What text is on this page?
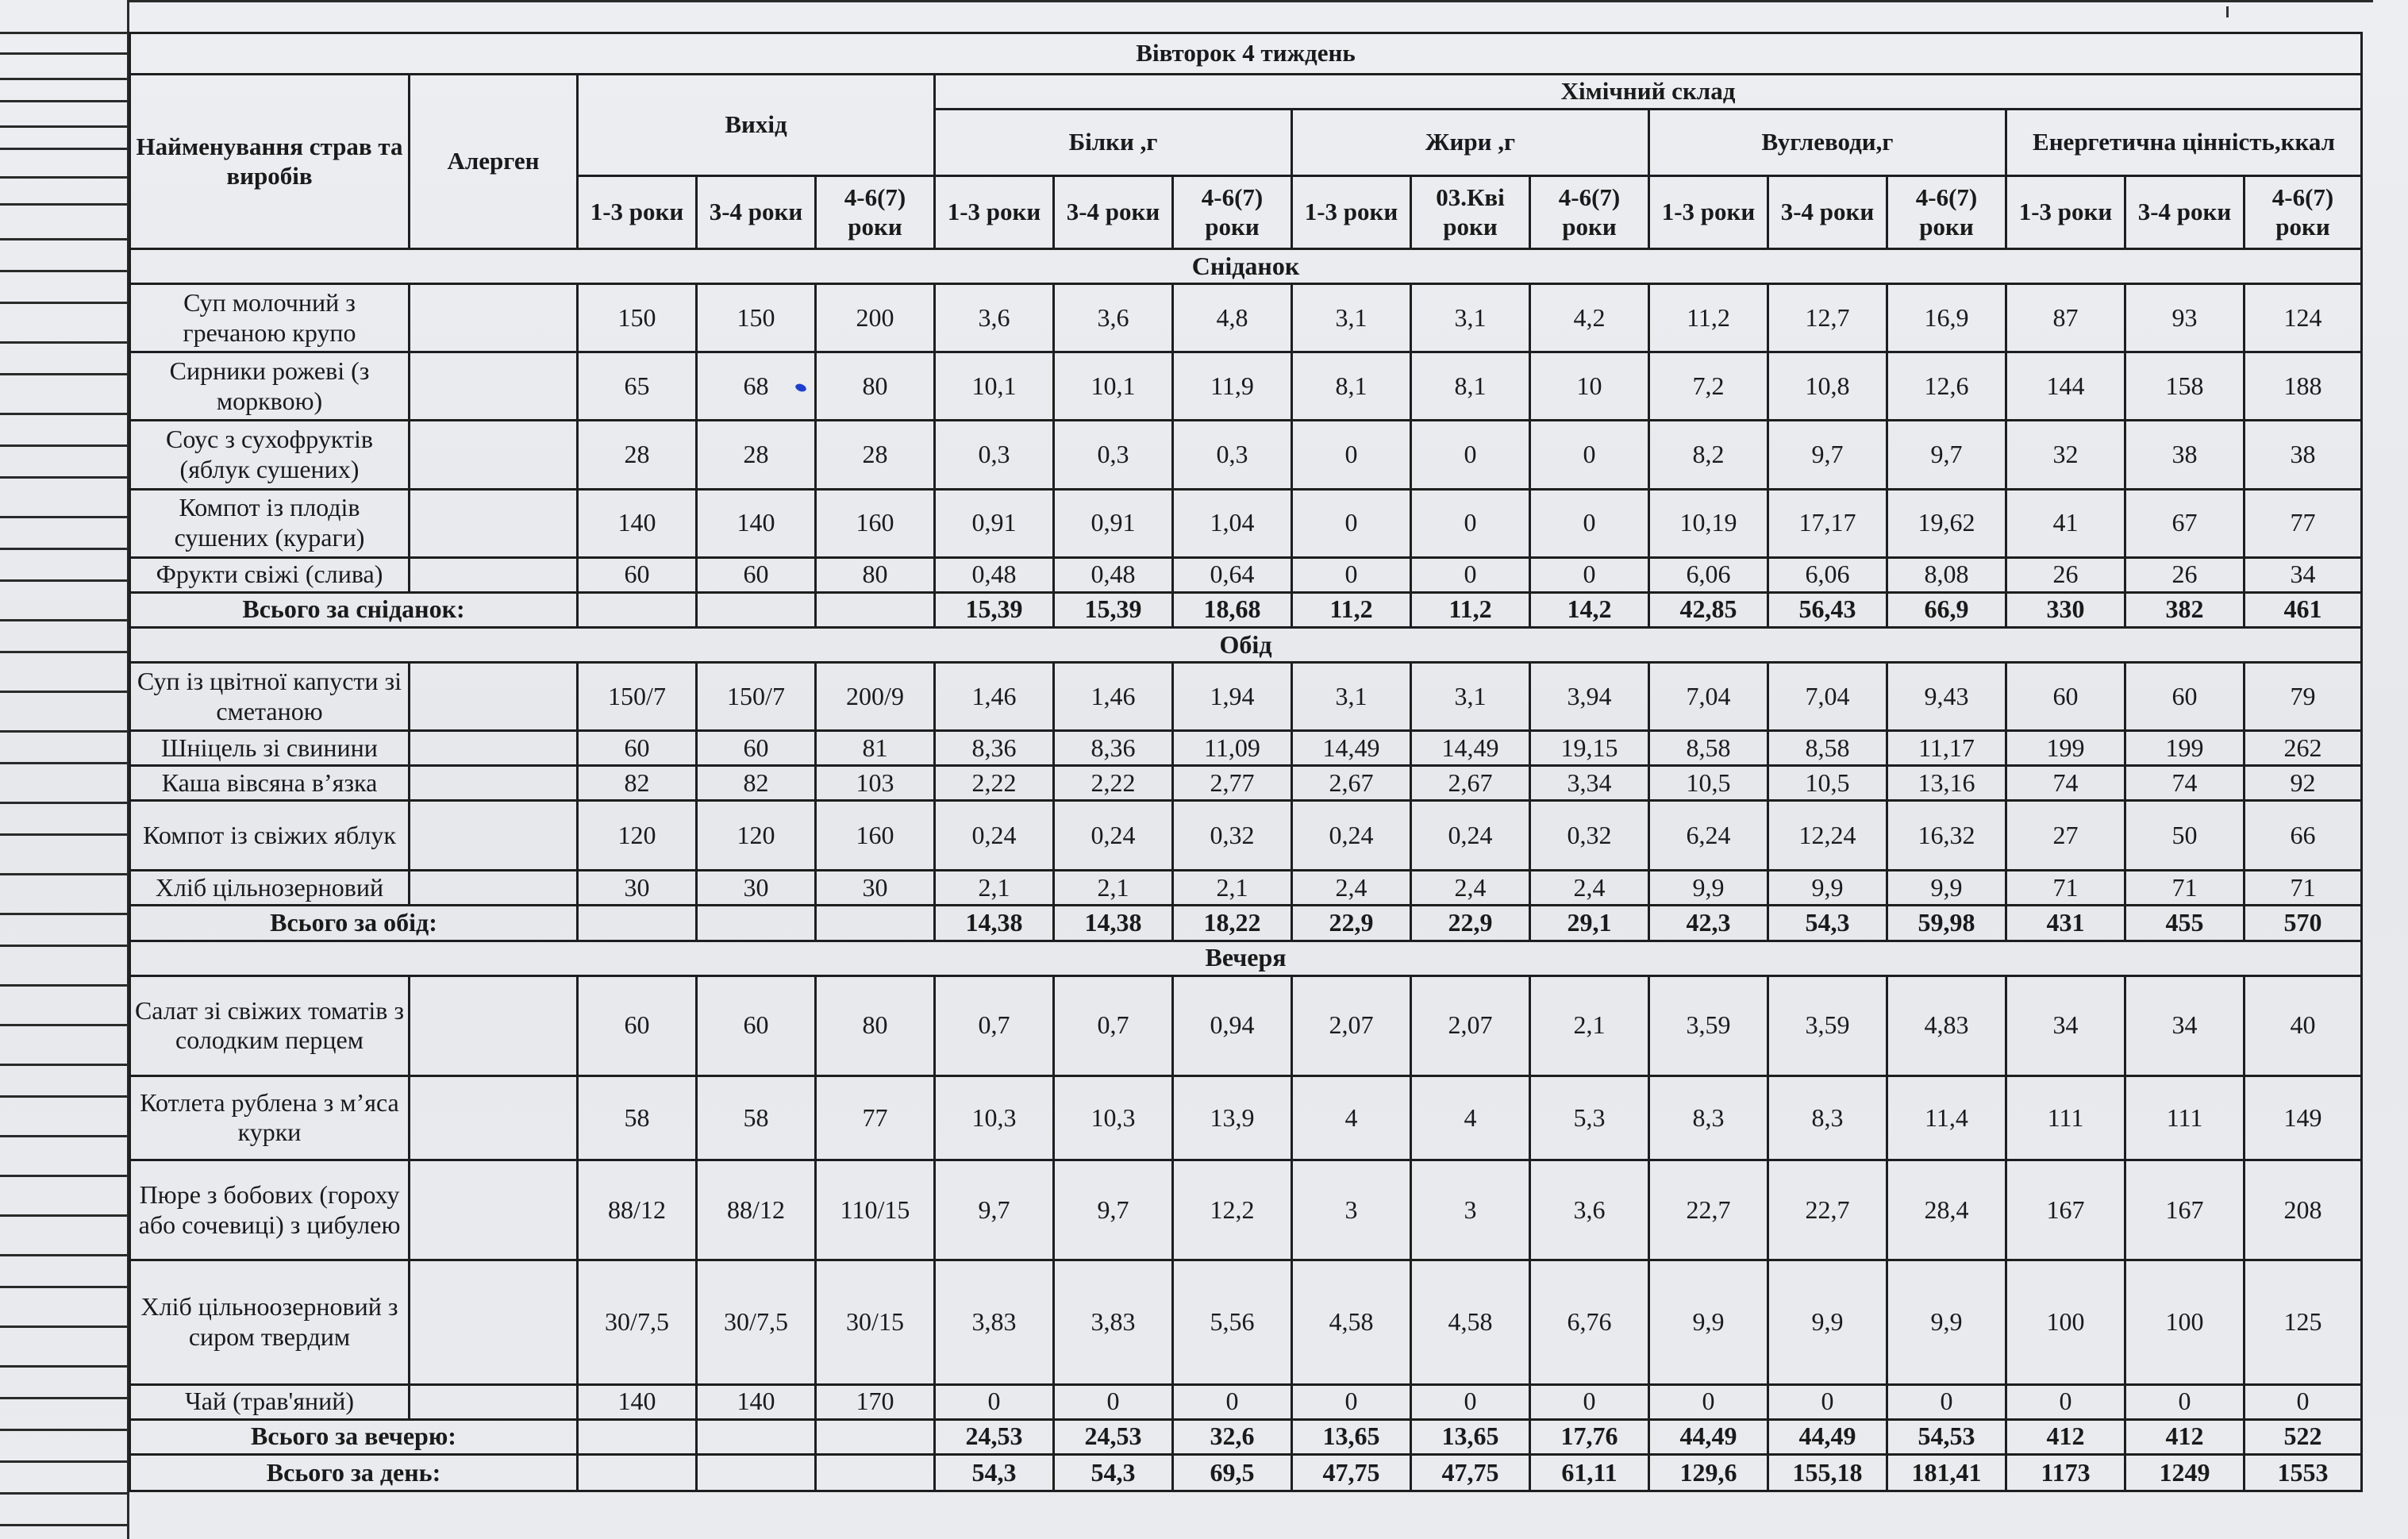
Вівторок 4 тиждень																
Найменування страв та виробів	Алерген	Вихід			Хімічний склад											
					Білки ,г			Жири ,г			Вуглеводи,г			Енергетична цінність,ккал		
		1-3 роки	3-4 роки	4-6(7) роки	1-3 роки	3-4 роки	4-6(7) роки	1-3 роки	03.Кві роки	4-6(7) роки	1-3 роки	3-4 роки	4-6(7) роки	1-3 роки	3-4 роки	4-6(7) роки
Сніданок																
Суп молочний з гречаною крупо		150	150	200	3,6	3,6	4,8	3,1	3,1	4,2	11,2	12,7	16,9	87	93	124
Сирники рожеві (з морквою)		65	68	80	10,1	10,1	11,9	8,1	8,1	10	7,2	10,8	12,6	144	158	188
Соус з сухофруктів (яблук сушених)		28	28	28	0,3	0,3	0,3	0	0	0	8,2	9,7	9,7	32	38	38
Компот із плодів сушених (кураги)		140	140	160	0,91	0,91	1,04	0	0	0	10,19	17,17	19,62	41	67	77
Фрукти свіжі (слива)		60	60	80	0,48	0,48	0,64	0	0	0	6,06	6,06	8,08	26	26	34
Всього за сніданок:					15,39	15,39	18,68	11,2	11,2	14,2	42,85	56,43	66,9	330	382	461
Обід																
Суп із цвітної капусти зі сметаною		150/7	150/7	200/9	1,46	1,46	1,94	3,1	3,1	3,94	7,04	7,04	9,43	60	60	79
Шніцель зі свинини		60	60	81	8,36	8,36	11,09	14,49	14,49	19,15	8,58	8,58	11,17	199	199	262
Каша вівсяна в’язка		82	82	103	2,22	2,22	2,77	2,67	2,67	3,34	10,5	10,5	13,16	74	74	92
Компот із свіжих яблук		120	120	160	0,24	0,24	0,32	0,24	0,24	0,32	6,24	12,24	16,32	27	50	66
Хліб цільнозерновий		30	30	30	2,1	2,1	2,1	2,4	2,4	2,4	9,9	9,9	9,9	71	71	71
Всього за обід:					14,38	14,38	18,22	22,9	22,9	29,1	42,3	54,3	59,98	431	455	570
Вечеря																
Салат зі свіжих томатів з солодким перцем		60	60	80	0,7	0,7	0,94	2,07	2,07	2,1	3,59	3,59	4,83	34	34	40
Котлета рублена з м’яса курки		58	58	77	10,3	10,3	13,9	4	4	5,3	8,3	8,3	11,4	111	111	149
Пюре з бобових (гороху або сочевиці) з цибулею		88/12	88/12	110/15	9,7	9,7	12,2	3	3	3,6	22,7	22,7	28,4	167	167	208
Хліб цільноозерновий з сиром твердим		30/7,5	30/7,5	30/15	3,83	3,83	5,56	4,58	4,58	6,76	9,9	9,9	9,9	100	100	125
Чай (трав'яний)		140	140	170	0	0	0	0	0	0	0	0	0	0	0	0
Всього за вечерю:					24,53	24,53	32,6	13,65	13,65	17,76	44,49	44,49	54,53	412	412	522
Всього за день:					54,3	54,3	69,5	47,75	47,75	61,11	129,6	155,18	181,41	1173	1249	1553
